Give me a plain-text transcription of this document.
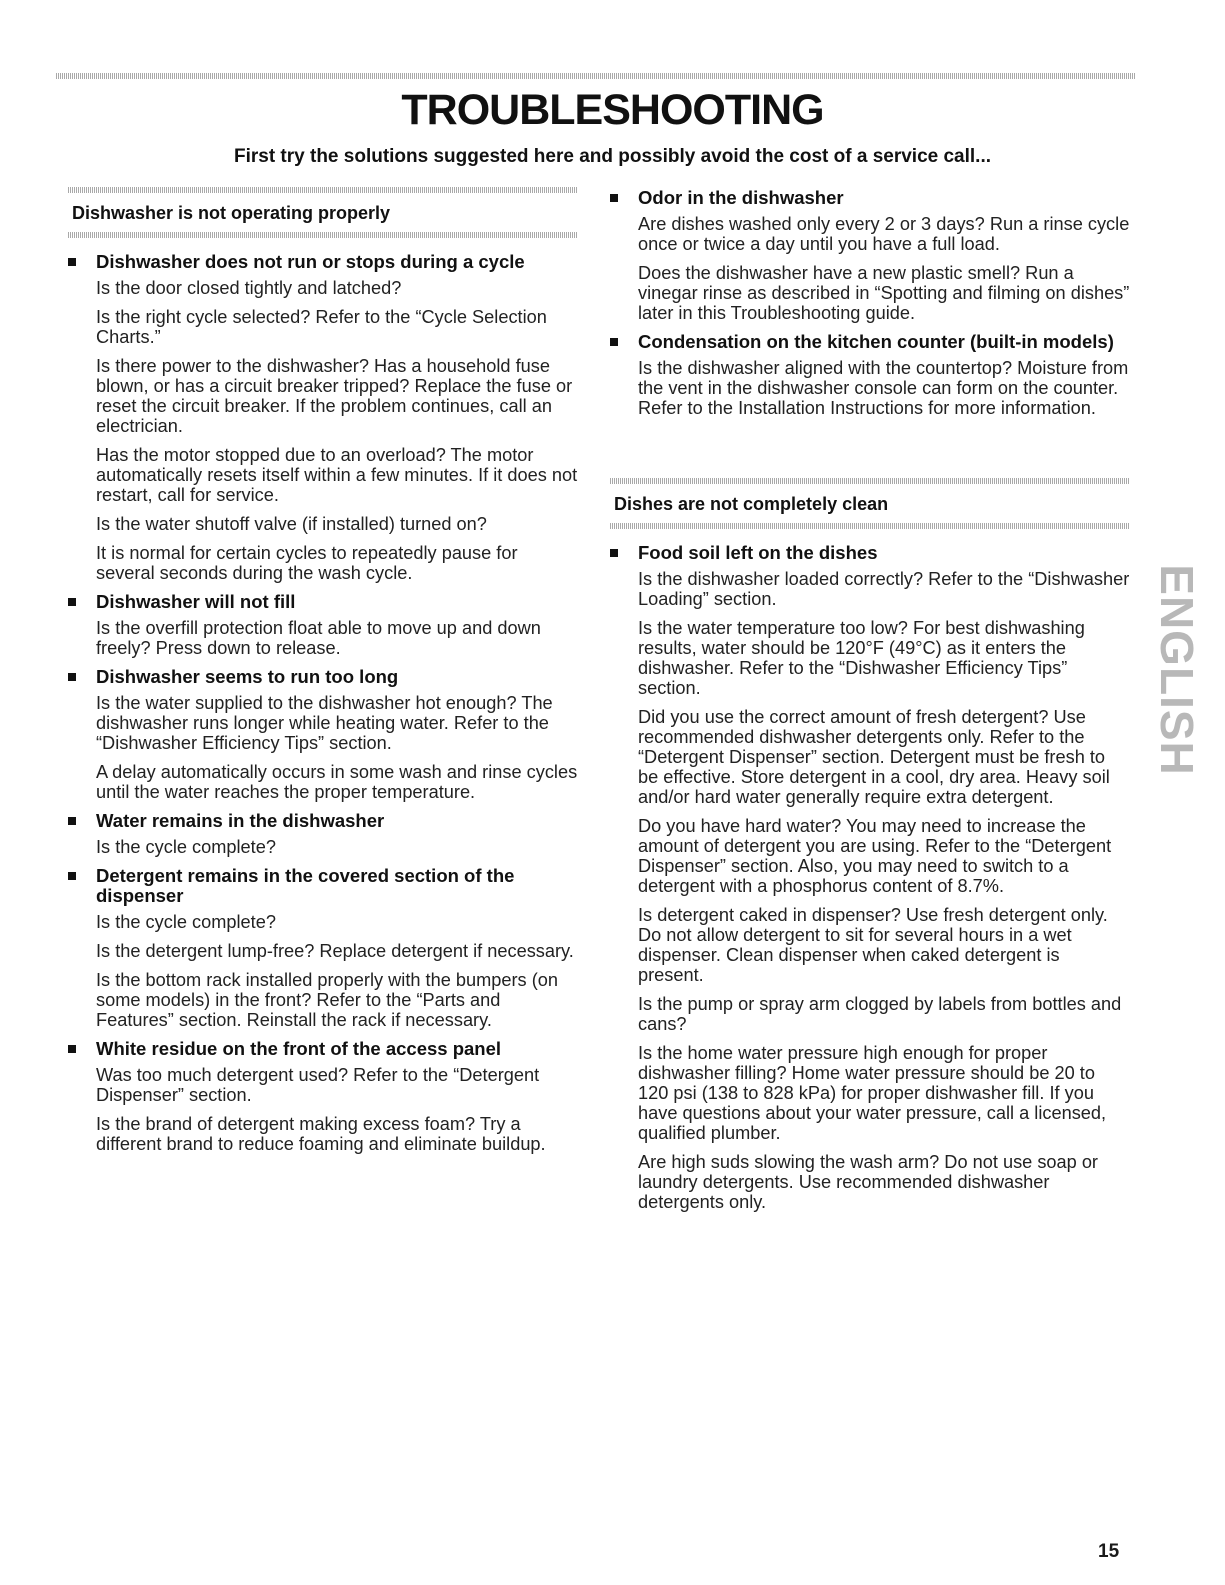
TROUBLESHOOTING
First try the solutions suggested here and possibly avoid the cost of a service call...
Dishwasher is not operating properly
Dishwasher does not run or stops during a cycle

Is the door closed tightly and latched?

Is the right cycle selected? Refer to the “Cycle Selection Charts.”

Is there power to the dishwasher? Has a household fuse blown, or has a circuit breaker tripped? Replace the fuse or reset the circuit breaker. If the problem continues, call an electrician.

Has the motor stopped due to an overload? The motor automatically resets itself within a few minutes. If it does not restart, call for service.

Is the water shutoff valve (if installed) turned on?

It is normal for certain cycles to repeatedly pause for several seconds during the wash cycle.

Dishwasher will not fill

Is the overfill protection float able to move up and down freely? Press down to release.

Dishwasher seems to run too long

Is the water supplied to the dishwasher hot enough? The dishwasher runs longer while heating water. Refer to the “Dishwasher Efficiency Tips” section.

A delay automatically occurs in some wash and rinse cycles until the water reaches the proper temperature.

Water remains in the dishwasher

Is the cycle complete?

Detergent remains in the covered section of the dispenser

Is the cycle complete?

Is the detergent lump-free? Replace detergent if necessary.

Is the bottom rack installed properly with the bumpers (on some models) in the front? Refer to the “Parts and Features” section. Reinstall the rack if necessary.

White residue on the front of the access panel

Was too much detergent used? Refer to the “Detergent Dispenser” section.

Is the brand of detergent making excess foam? Try a different brand to reduce foaming and eliminate buildup.

Odor in the dishwasher

Are dishes washed only every 2 or 3 days? Run a rinse cycle once or twice a day until you have a full load.

Does the dishwasher have a new plastic smell? Run a vinegar rinse as described in “Spotting and filming on dishes” later in this Troubleshooting guide.

Condensation on the kitchen counter (built-in models)

Is the dishwasher aligned with the countertop? Moisture from the vent in the dishwasher console can form on the counter. Refer to the Installation Instructions for more information.

Dishes are not completely clean
Food soil left on the dishes

Is the dishwasher loaded correctly? Refer to the “Dishwasher Loading” section.

Is the water temperature too low? For best dishwashing results, water should be 120°F (49°C) as it enters the dishwasher. Refer to the “Dishwasher Efficiency Tips” section.

Did you use the correct amount of fresh detergent? Use recommended dishwasher detergents only. Refer to the “Detergent Dispenser” section. Detergent must be fresh to be effective. Store detergent in a cool, dry area. Heavy soil and/or hard water generally require extra detergent.

Do you have hard water? You may need to increase the amount of detergent you are using. Refer to the “Detergent Dispenser” section. Also, you may need to switch to a detergent with a phosphorus content of 8.7%.

Is detergent caked in dispenser? Use fresh detergent only. Do not allow detergent to sit for several hours in a wet dispenser. Clean dispenser when caked detergent is present.

Is the pump or spray arm clogged by labels from bottles and cans?

Is the home water pressure high enough for proper dishwasher filling? Home water pressure should be 20 to 120 psi (138 to 828 kPa) for proper dishwasher fill. If you have questions about your water pressure, call a licensed, qualified plumber.

Are high suds slowing the wash arm? Do not use soap or laundry detergents. Use recommended dishwasher detergents only.

ENGLISH
15
